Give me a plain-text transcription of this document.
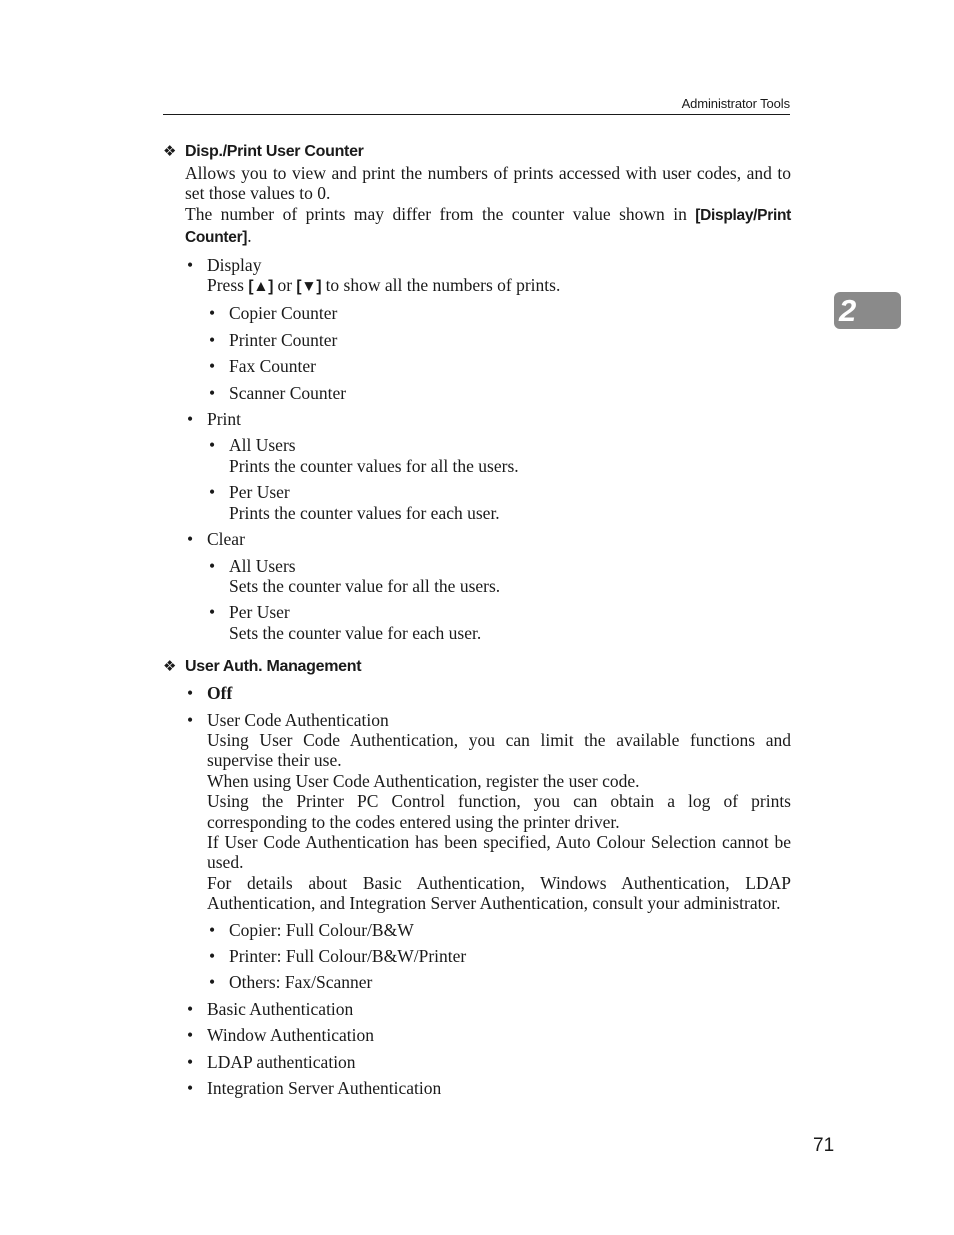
Administrator Tools
2
❖ Disp./Print User Counter
Allows you to view and print the numbers of prints accessed with user codes, and to set those values to 0.
The number of prints may differ from the counter value shown in [Display/Print Counter].
• Display
Press [▲] or [▼] to show all the numbers of prints.
• Copier Counter
• Printer Counter
• Fax Counter
• Scanner Counter
• Print
• All Users
Prints the counter values for all the users.
• Per User
Prints the counter values for each user.
• Clear
• All Users
Sets the counter value for all the users.
• Per User
Sets the counter value for each user.
❖ User Auth. Management
• Off
• User Code Authentication
Using User Code Authentication, you can limit the available functions and supervise their use.
When using User Code Authentication, register the user code.
Using the Printer PC Control function, you can obtain a log of prints corresponding to the codes entered using the printer driver.
If User Code Authentication has been specified, Auto Colour Selection cannot be used.
For details about Basic Authentication, Windows Authentication, LDAP Authentication, and Integration Server Authentication, consult your administrator.
• Copier: Full Colour/B&W
• Printer: Full Colour/B&W/Printer
• Others: Fax/Scanner
• Basic Authentication
• Window Authentication
• LDAP authentication
• Integration Server Authentication
71
